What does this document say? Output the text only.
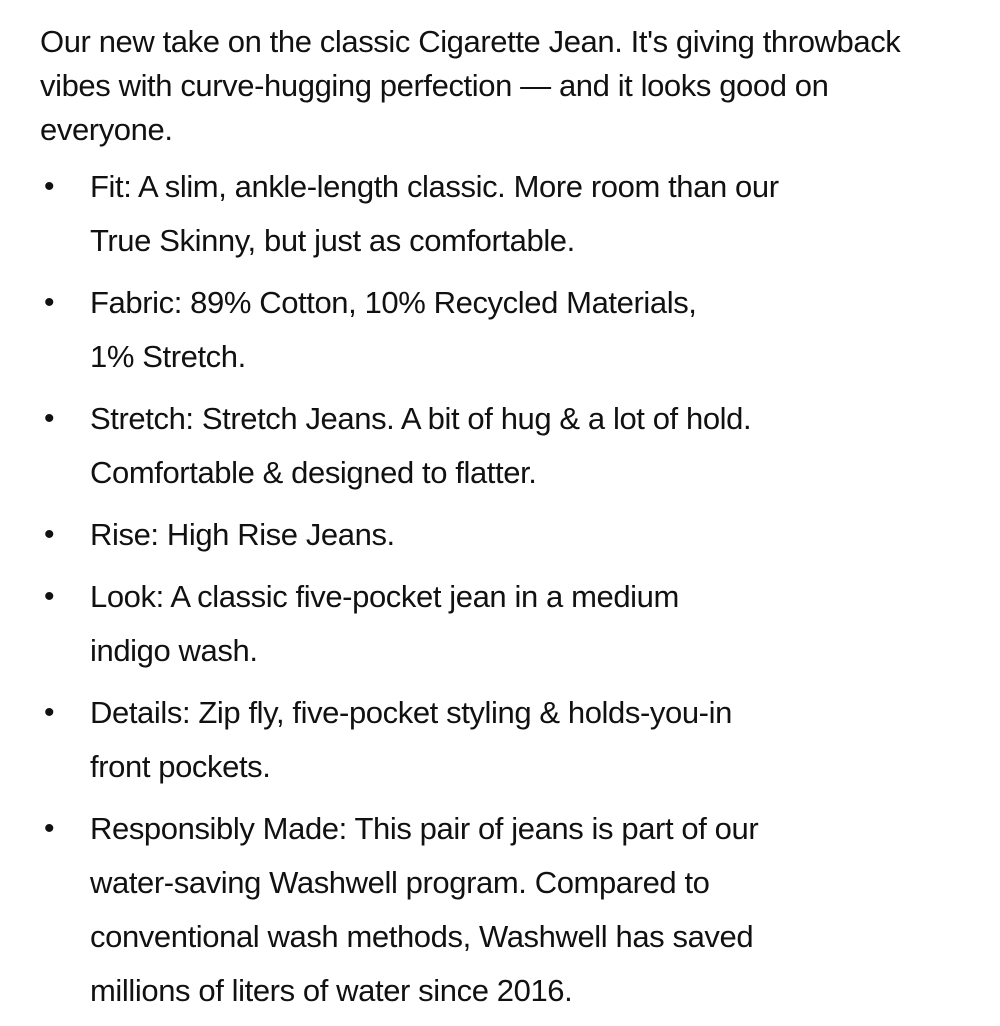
Our new take on the classic Cigarette Jean. It's giving throwback vibes with curve-hugging perfection — and it looks good on everyone.

• Fit: A slim, ankle-length classic. More room than our
True Skinny, but just as comfortable.
• Fabric: 89% Cotton, 10% Recycled Materials,
1% Stretch.
• Stretch: Stretch Jeans. A bit of hug & a lot of hold.
Comfortable & designed to flatter.
• Rise: High Rise Jeans.
• Look: A classic five-pocket jean in a medium
indigo wash.
• Details: Zip fly, five-pocket styling & holds-you-in
front pockets.
• Responsibly Made: This pair of jeans is part of our
water-saving Washwell program. Compared to
conventional wash methods, Washwell has saved
millions of liters of water since 2016.
